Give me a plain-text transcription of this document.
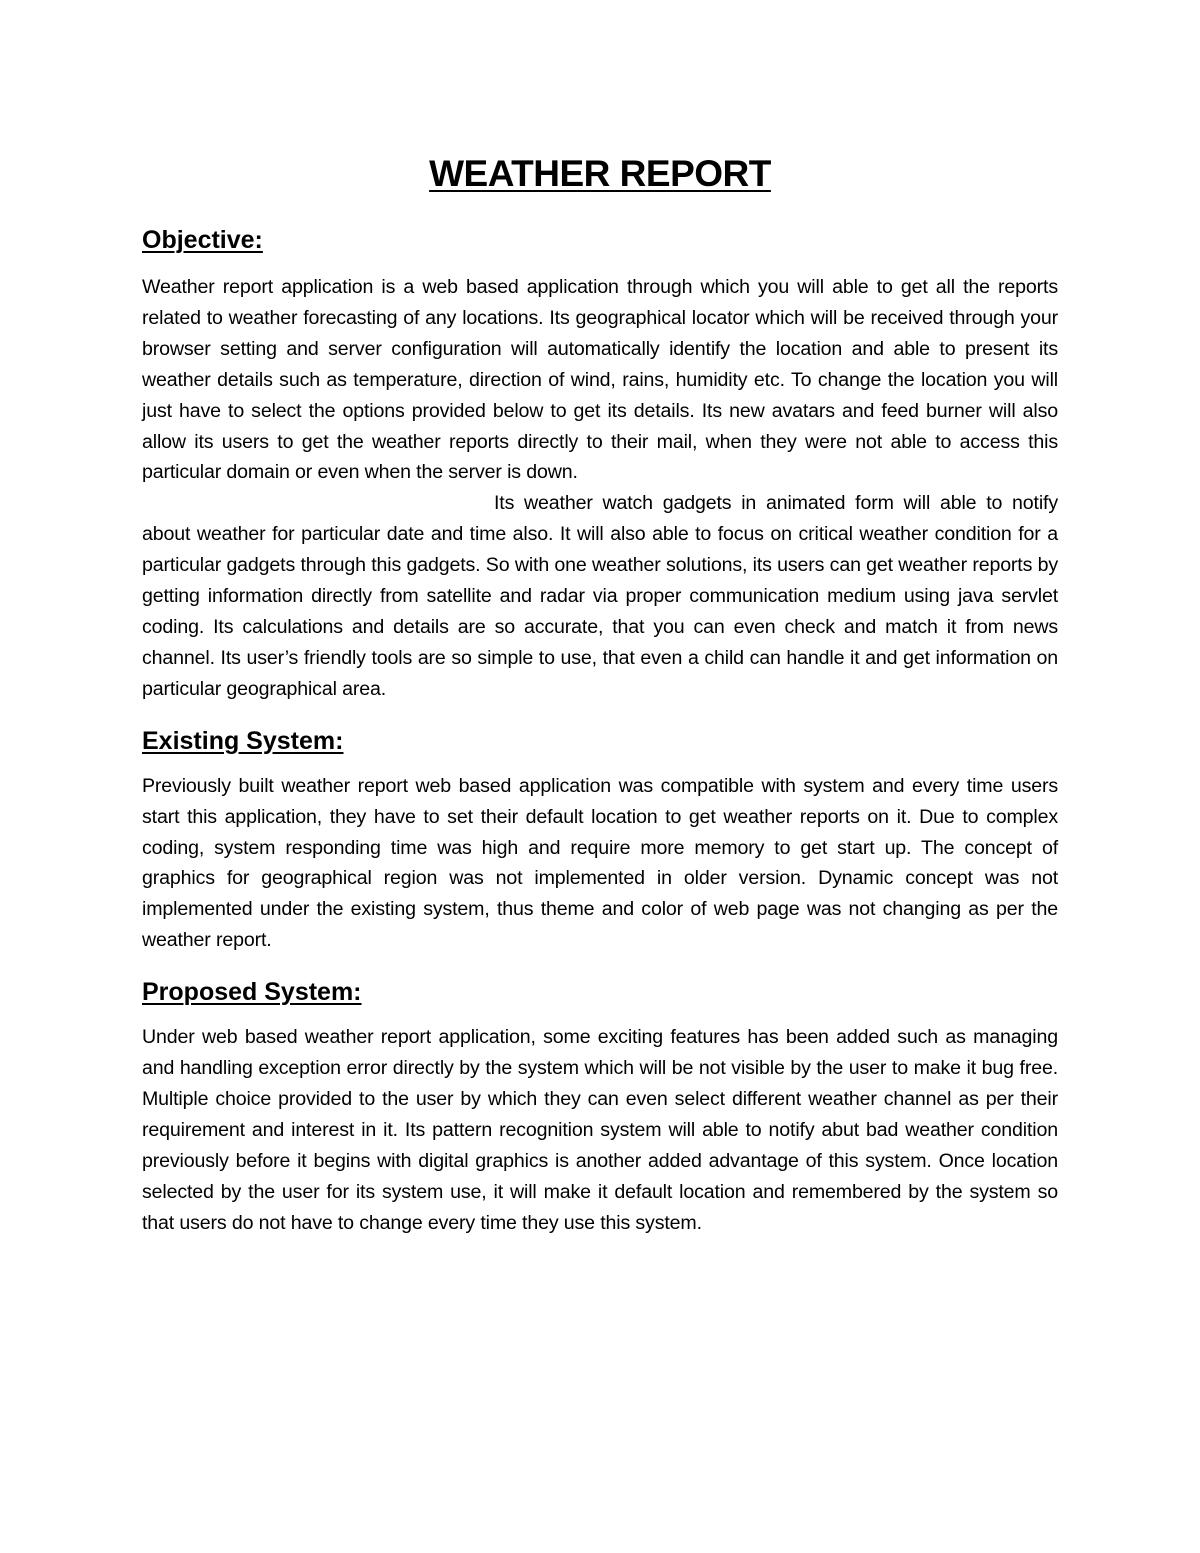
WEATHER REPORT
Objective:

Weather report application is a web based application through which you will able to get all the reports related to weather forecasting of any locations. Its geographical locator which will be received through your browser setting and server configuration will automatically identify the location and able to present its weather details such as temperature, direction of wind, rains, humidity etc. To change the location you will just have to select the options provided below to get its details. Its new avatars and feed burner will also allow its users to get the weather reports directly to their mail, when they were not able to access this particular domain or even when the server is down.

Its weather watch gadgets in animated form will able to notify about weather for particular date and time also. It will also able to focus on critical weather condition for a particular gadgets through this gadgets. So with one weather solutions, its users can get weather reports by getting information directly from satellite and radar via proper communication medium using java servlet coding. Its calculations and details are so accurate, that you can even check and match it from news channel. Its user’s friendly tools are so simple to use, that even a child can handle it and get information on particular geographical area.

Existing System:

Previously built weather report web based application was compatible with system and every time users start this application, they have to set their default location to get weather reports on it. Due to complex coding, system responding time was high and require more memory to get start up. The concept of graphics for geographical region was not implemented in older version. Dynamic concept was not implemented under the existing system, thus theme and color of web page was not changing as per the weather report.

Proposed System:

Under web based weather report application, some exciting features has been added such as managing and handling exception error directly by the system which will be not visible by the user to make it bug free. Multiple choice provided to the user by which they can even select different weather channel as per their requirement and interest in it. Its pattern recognition system will able to notify abut bad weather condition previously before it begins with digital graphics is another added advantage of this system. Once location selected by the user for its system use, it will make it default location and remembered by the system so that users do not have to change every time they use this system.
